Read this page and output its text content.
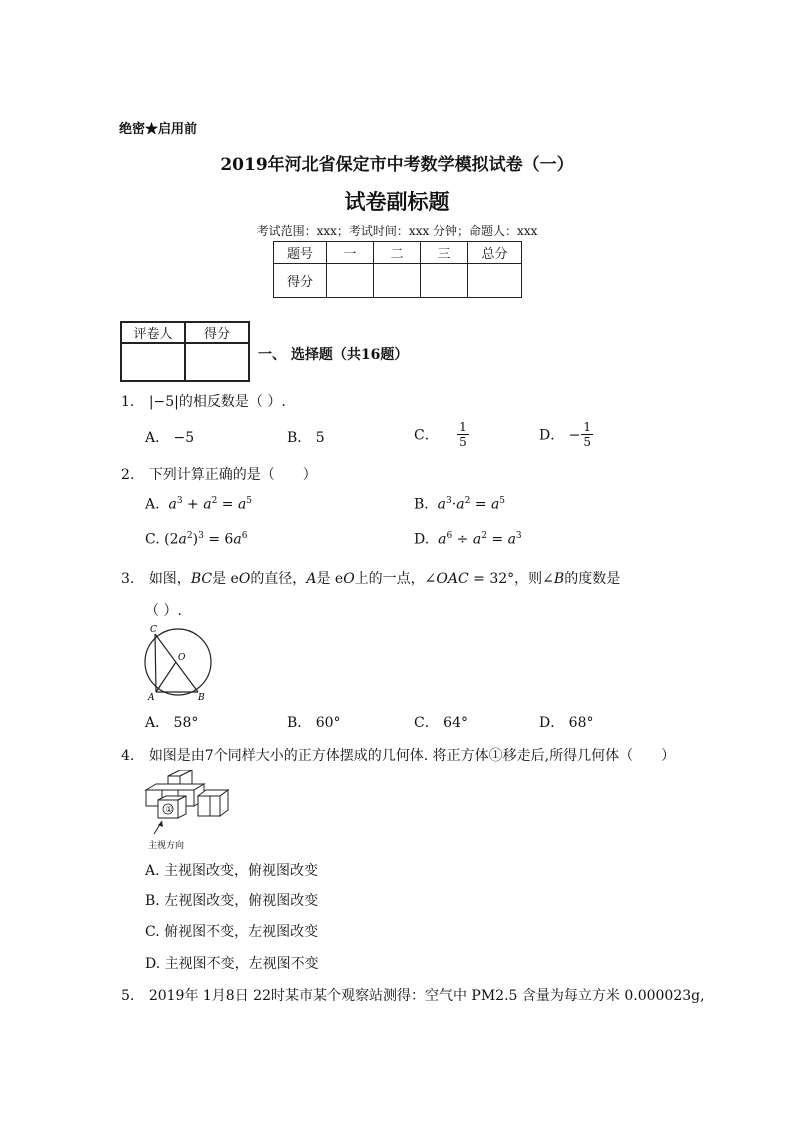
绝密★启用前
2019年河北省保定市中考数学模拟试卷（一）
试卷副标题
考试范围：xxx；考试时间：xxx 分钟；命题人：xxx
题号	一	二	三	总分
得分				
评卷人	得分

一、 选择题（共16题）
1. |−5|的相反数是（ ）.
A． −5	B． 5	C． $\frac{1}{5}$	D． − $\frac{1}{5}$
2. 下列计算正确的是（　　）
A. $a^3 + a^2 = a^5$	B. $a^3\cdot a^2 = a^5$
C. $(2a^2)^3 = 6a^6$	D. $a^6 \div a^2 = a^3$
3. 如图，BC是 eO的直径，A是 eO上的一点，∠OAC = 32°，则∠B的度数是
（ ）.
C
O
A	B
A． 58°	B． 60°	C． 64°	D． 68°
4. 如图是由7个同样大小的正方体摆成的几何体. 将正方体①移走后,所得几何体（　　）
①
主视方向
A. 主视图改变，俯视图改变
B. 左视图改变，俯视图改变
C. 俯视图不变，左视图改变
D. 主视图不变，左视图不变
5. 2019年 1月8日 22时某市某个观察站测得：空气中 PM2.5 含量为每立方米 0.000023g,
